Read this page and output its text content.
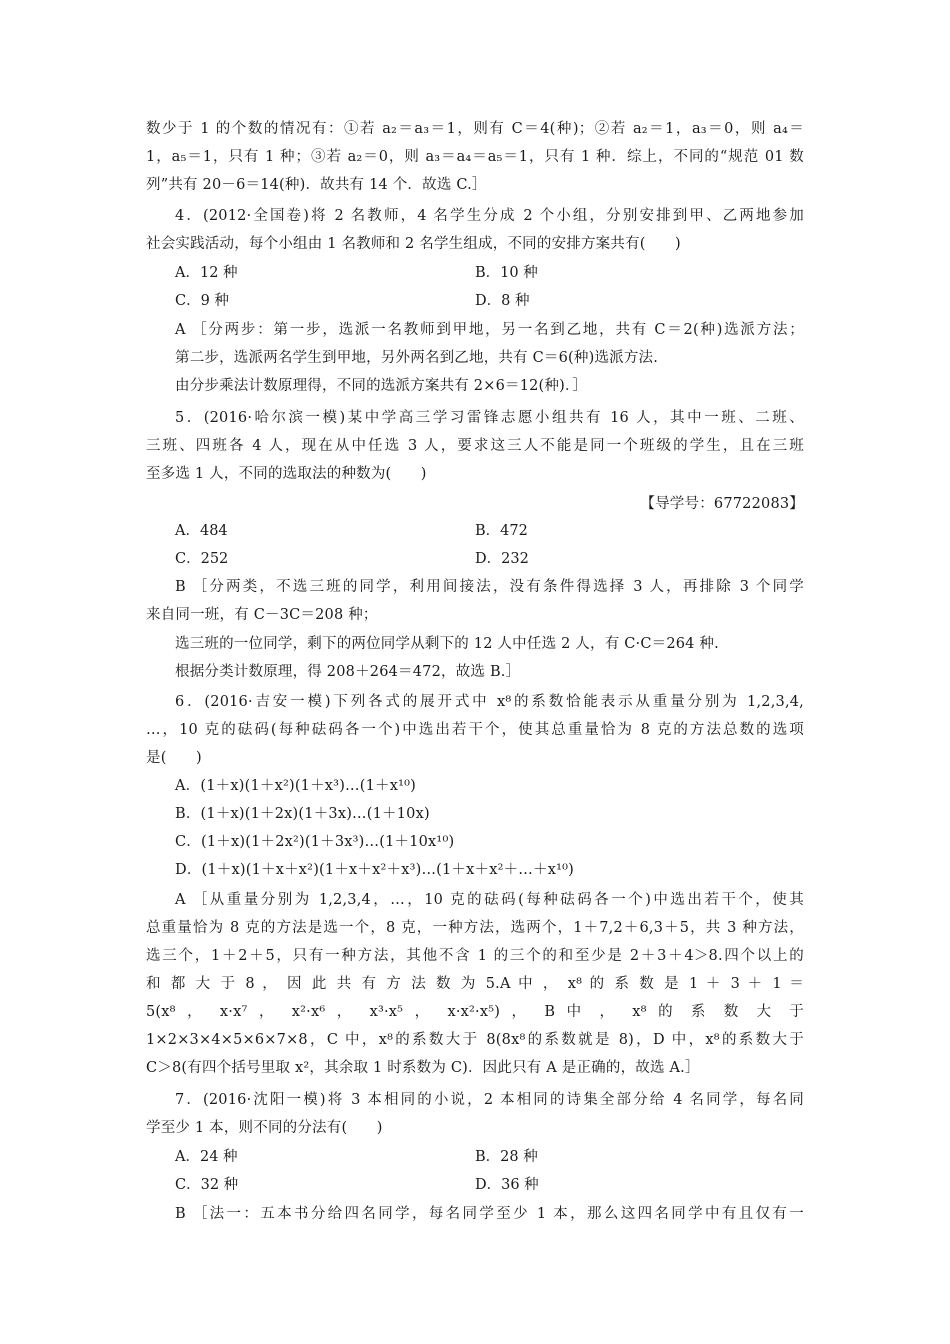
数少于 1 的个数的情况有：①若 a₂＝a₃＝1，则有 C＝4(种)；②若 a₂＝1，a₃＝0，则 a₄＝
1，a₅＝1，只有 1 种；③若 a₂＝0，则 a₃＝a₄＝a₅＝1，只有 1 种．综上，不同的“规范 01 数
列”共有 20－6＝14(种)．故共有 14 个．故选 C.］
4．(2012·全国卷)将 2 名教师，4 名学生分成 2 个小组，分别安排到甲、乙两地参加
社会实践活动，每个小组由 1 名教师和 2 名学生组成，不同的安排方案共有(　　)
A ［分两步：第一步，选派一名教师到甲地，另一名到乙地，共有 C＝2(种)选派方法；
第二步，选派两名学生到甲地，另外两名到乙地，共有 C＝6(种)选派方法.
由分步乘法计数原理得，不同的选派方案共有 2×6＝12(种)．］
5．(2016·哈尔滨一模)某中学高三学习雷锋志愿小组共有 16 人，其中一班、二班、
三班、四班各 4 人，现在从中任选 3 人，要求这三人不能是同一个班级的学生，且在三班
至多选 1 人，不同的选取法的种数为(　　)
B ［分两类，不选三班的同学，利用间接法，没有条件得选择 3 人，再排除 3 个同学
来自同一班，有 C－3C＝208 种；
选三班的一位同学，剩下的两位同学从剩下的 12 人中任选 2 人，有 C·C＝264 种.
根据分类计数原理，得 208＋264＝472，故选 B.］
6．(2016·吉安一模)下列各式的展开式中 x⁸的系数恰能表示从重量分别为 1,2,3,4,
…，10 克的砝码(每种砝码各一个)中选出若干个，使其总重量恰为 8 克的方法总数的选项
是(　　)
A．(1＋x)(1＋x²)(1＋x³)…(1＋x¹⁰)
B．(1＋x)(1＋2x)(1＋3x)…(1＋10x)
C．(1＋x)(1＋2x²)(1＋3x³)…(1＋10x¹⁰)
D．(1＋x)(1＋x＋x²)(1＋x＋x²＋x³)…(1＋x＋x²＋…＋x¹⁰)
A ［从重量分别为 1,2,3,4，…，10 克的砝码(每种砝码各一个)中选出若干个，使其
总重量恰为 8 克的方法是选一个，8 克，一种方法，选两个，1＋7,2＋6,3＋5，共 3 种方法，
选三个，1＋2＋5，只有一种方法，其他不含 1 的三个的和至少是 2＋3＋4＞8.四个以上的
和 都 大 于 8 ， 因 此 共 有 方 法 数 为 5.A 中 ， x⁸ 的 系 数 是 1 ＋ 3 ＋ 1 ＝
5(x⁸ ， x·x⁷ ， x²·x⁶ ， x³·x⁵ ， x·x²·x⁵) ， B 中 ， x⁸ 的 系 数 大 于
1×2×3×4×5×6×7×8，C 中，x⁸的系数大于 8(8x⁸的系数就是 8)，D 中，x⁸的系数大于
C＞8(有四个括号里取 x²，其余取 1 时系数为 C)．因此只有 A 是正确的，故选 A.］
7．(2016·沈阳一模)将 3 本相同的小说，2 本相同的诗集全部分给 4 名同学，每名同
学至少 1 本，则不同的分法有(　　)
B ［法一：五本书分给四名同学，每名同学至少 1 本，那么这四名同学中有且仅有一
【导学号：67722083】
A．12 种	B．10 种
C．9 种	D．8 种
A．484	B．472
C．252	D．232
A．24 种	B．28 种
C．32 种	D．36 种
